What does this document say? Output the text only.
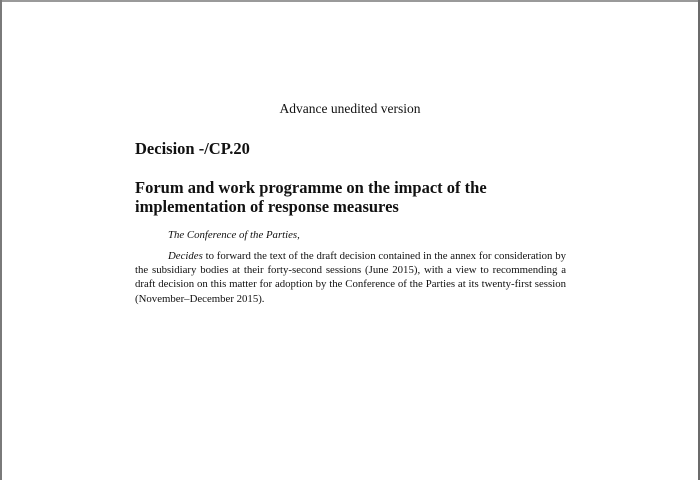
Advance unedited version
Decision -/CP.20
Forum and work programme on the impact of the implementation of response measures
The Conference of the Parties,
Decides to forward the text of the draft decision contained in the annex for consideration by the subsidiary bodies at their forty-second sessions (June 2015), with a view to recommending a draft decision on this matter for adoption by the Conference of the Parties at its twenty-first session (November–December 2015).
